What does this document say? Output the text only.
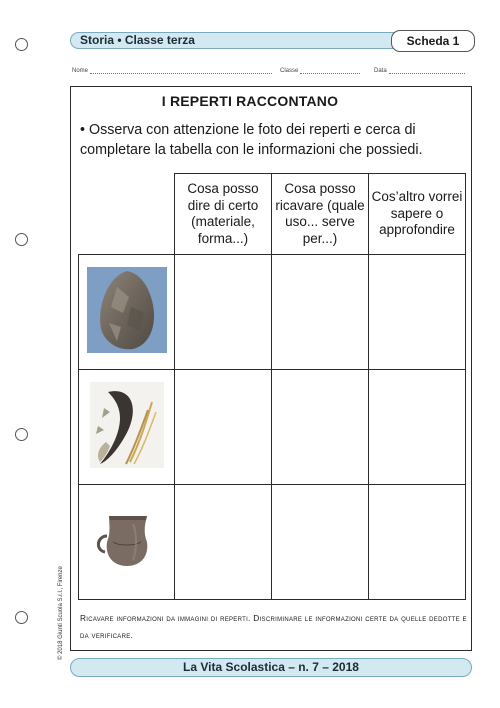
Storia • Classe terza	Scheda 1
Nome	Classe	Data
I REPERTI RACCONTANO
• Osserva con attenzione le foto dei reperti e cerca di completare la tabella con le informazioni che possiedi.
	Cosa posso dire di certo (materiale, forma...)	Cosa posso ricavare (quale uso... serve per...)	Cos’altro vorrei sapere o approfondire

Ricavare informazioni da immagini di reperti. Discriminare le informazioni certe da quelle dedotte e da verificare.
© 2018 Giunti Scuola S.r.l., Firenze
La Vita Scolastica – n. 7 – 2018
